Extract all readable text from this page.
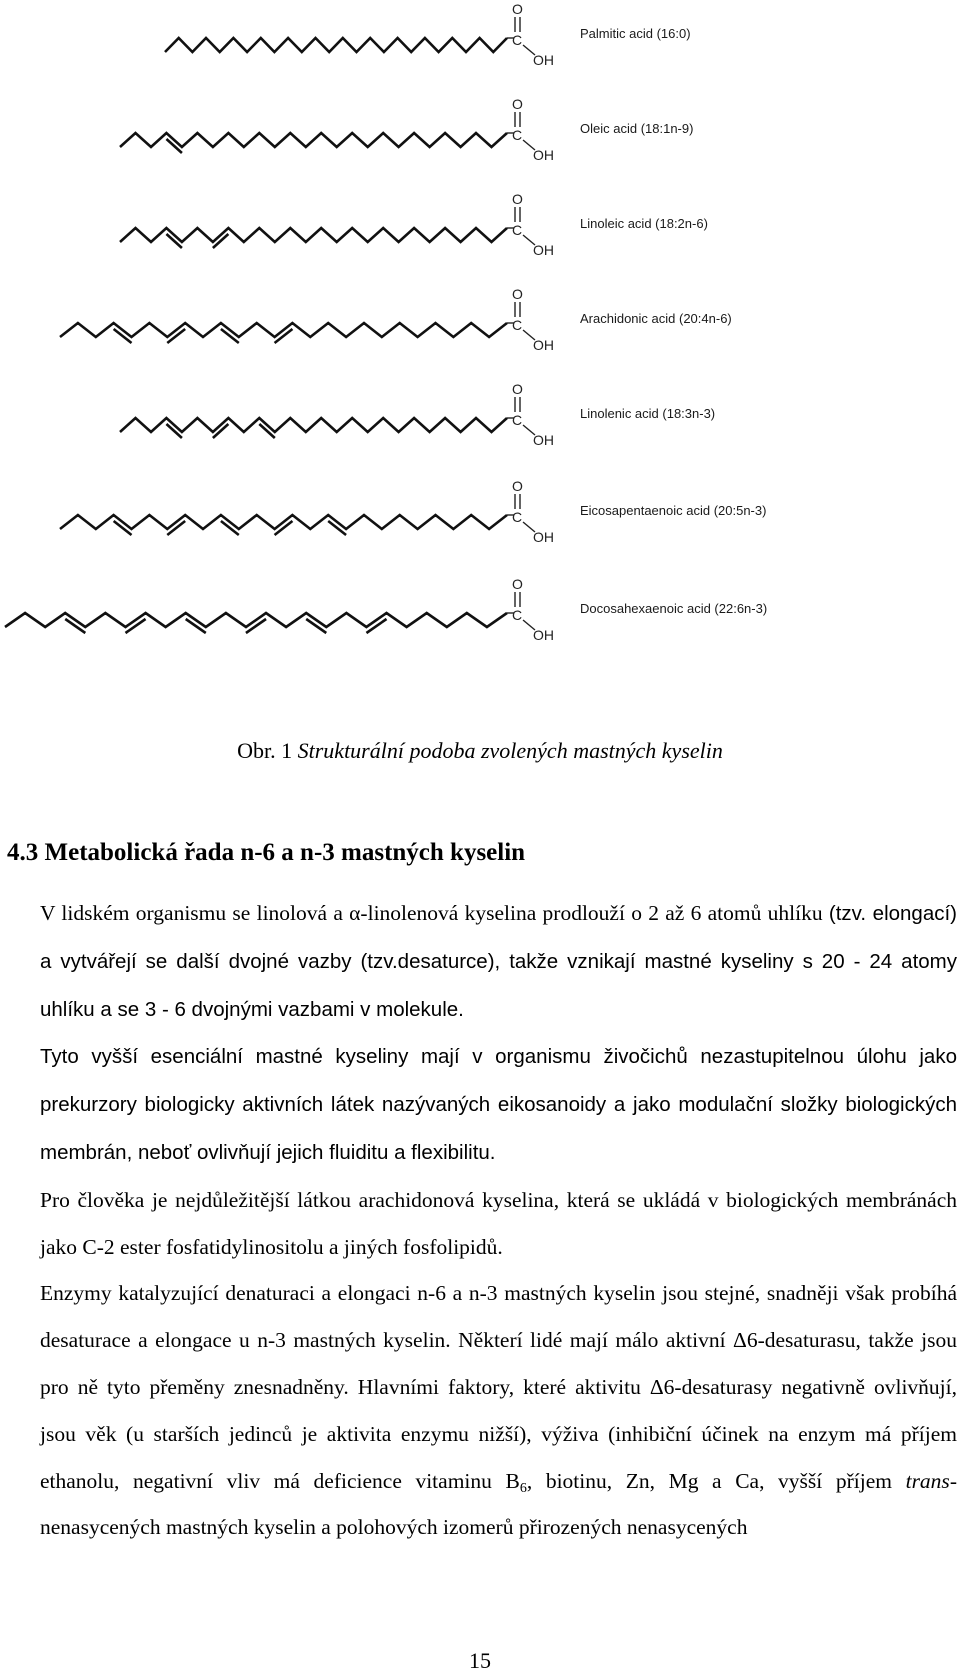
O
C
OH
Palmitic acid (16:0)
O
C
OH
Oleic acid (18:1n-9)
O
C
OH
Linoleic acid (18:2n-6)
O
C
OH
Arachidonic acid (20:4n-6)
O
C
OH
Linolenic acid (18:3n-3)
O
C
OH
Eicosapentaenoic acid (20:5n-3)
O
C
OH
Docosahexaenoic acid (22:6n-3)
Obr. 1 Strukturální podoba zvolených mastných kyselin
4.3 Metabolická řada n-6 a n-3 mastných kyselin

V lidském organismu se linolová a α-linolenová kyselina prodlouží o 2 až 6 atomů uhlíku (tzv. elongací) a vytvářejí se další dvojné vazby (tzv.desaturce), takže vznikají mastné kyseliny s 20 - 24 atomy uhlíku a se 3 - 6 dvojnými vazbami v molekule.

Tyto vyšší esenciální mastné kyseliny mají v organismu živočichů nezastupitelnou úlohu jako prekurzory biologicky aktivních látek nazývaných eikosanoidy a jako modulační složky biologických membrán, neboť ovlivňují jejich fluiditu a flexibilitu.

Pro člověka je nejdůležitější látkou arachidonová kyselina, která se ukládá v biologických membránách jako C-2 ester fosfatidylinositolu a jiných fosfolipidů.

Enzymy katalyzující denaturaci a elongaci n-6 a n-3 mastných kyselin jsou stejné, snadněji však probíhá desaturace a elongace u n-3 mastných kyselin. Některí lidé mají málo aktivní Δ6-desaturasu, takže jsou pro ně tyto přeměny znesnadněny. Hlavními faktory, které aktivitu Δ6-desaturasy negativně ovlivňují, jsou věk (u starších jedinců je aktivita enzymu nižší), výživa (inhibiční účinek na enzym má příjem ethanolu, negativní vliv má deficience vitaminu $B_6$, biotinu, Zn, Mg a Ca, vyšší příjem trans-nenasycených mastných kyselin a polohových izomerů přirozených nenasycených

15
